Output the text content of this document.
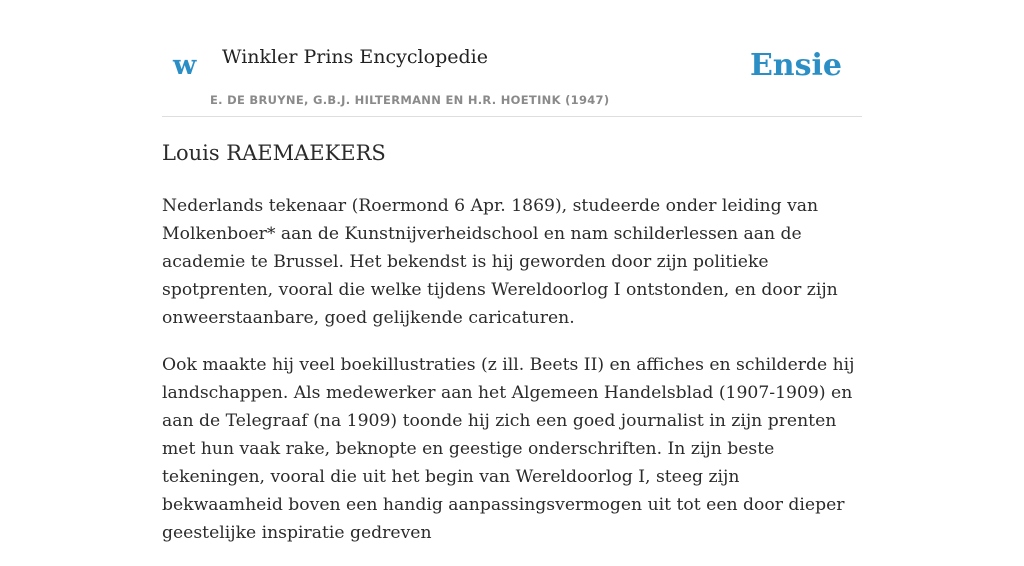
w Winkler Prins Encyclopedie
E. DE BRUYNE, G.B.J. HILTERMANN EN H.R. HOETINK (1947)
Ensie
Louis RAEMAEKERS

Nederlands tekenaar (Roermond 6 Apr. 1869), studeerde onder leiding van Molkenboer* aan de Kunstnijverheidschool en nam schilderlessen aan de academie te Brussel. Het bekendst is hij geworden door zijn politieke spotprenten, vooral die welke tijdens Wereldoorlog I ontstonden, en door zijn onweerstaanbare, goed gelijkende caricaturen.

Ook maakte hij veel boekillustraties (z ill. Beets II) en affiches en schilderde hij landschappen. Als medewerker aan het Algemeen Handelsblad (1907-1909) en aan de Telegraaf (na 1909) toonde hij zich een goed journalist in zijn prenten met hun vaak rake, beknopte en geestige onderschriften. In zijn beste tekeningen, vooral die uit het begin van Wereldoorlog I, steeg zijn bekwaamheid boven een handig aanpassingsvermogen uit tot een door dieper geestelijke inspiratie gedreven
